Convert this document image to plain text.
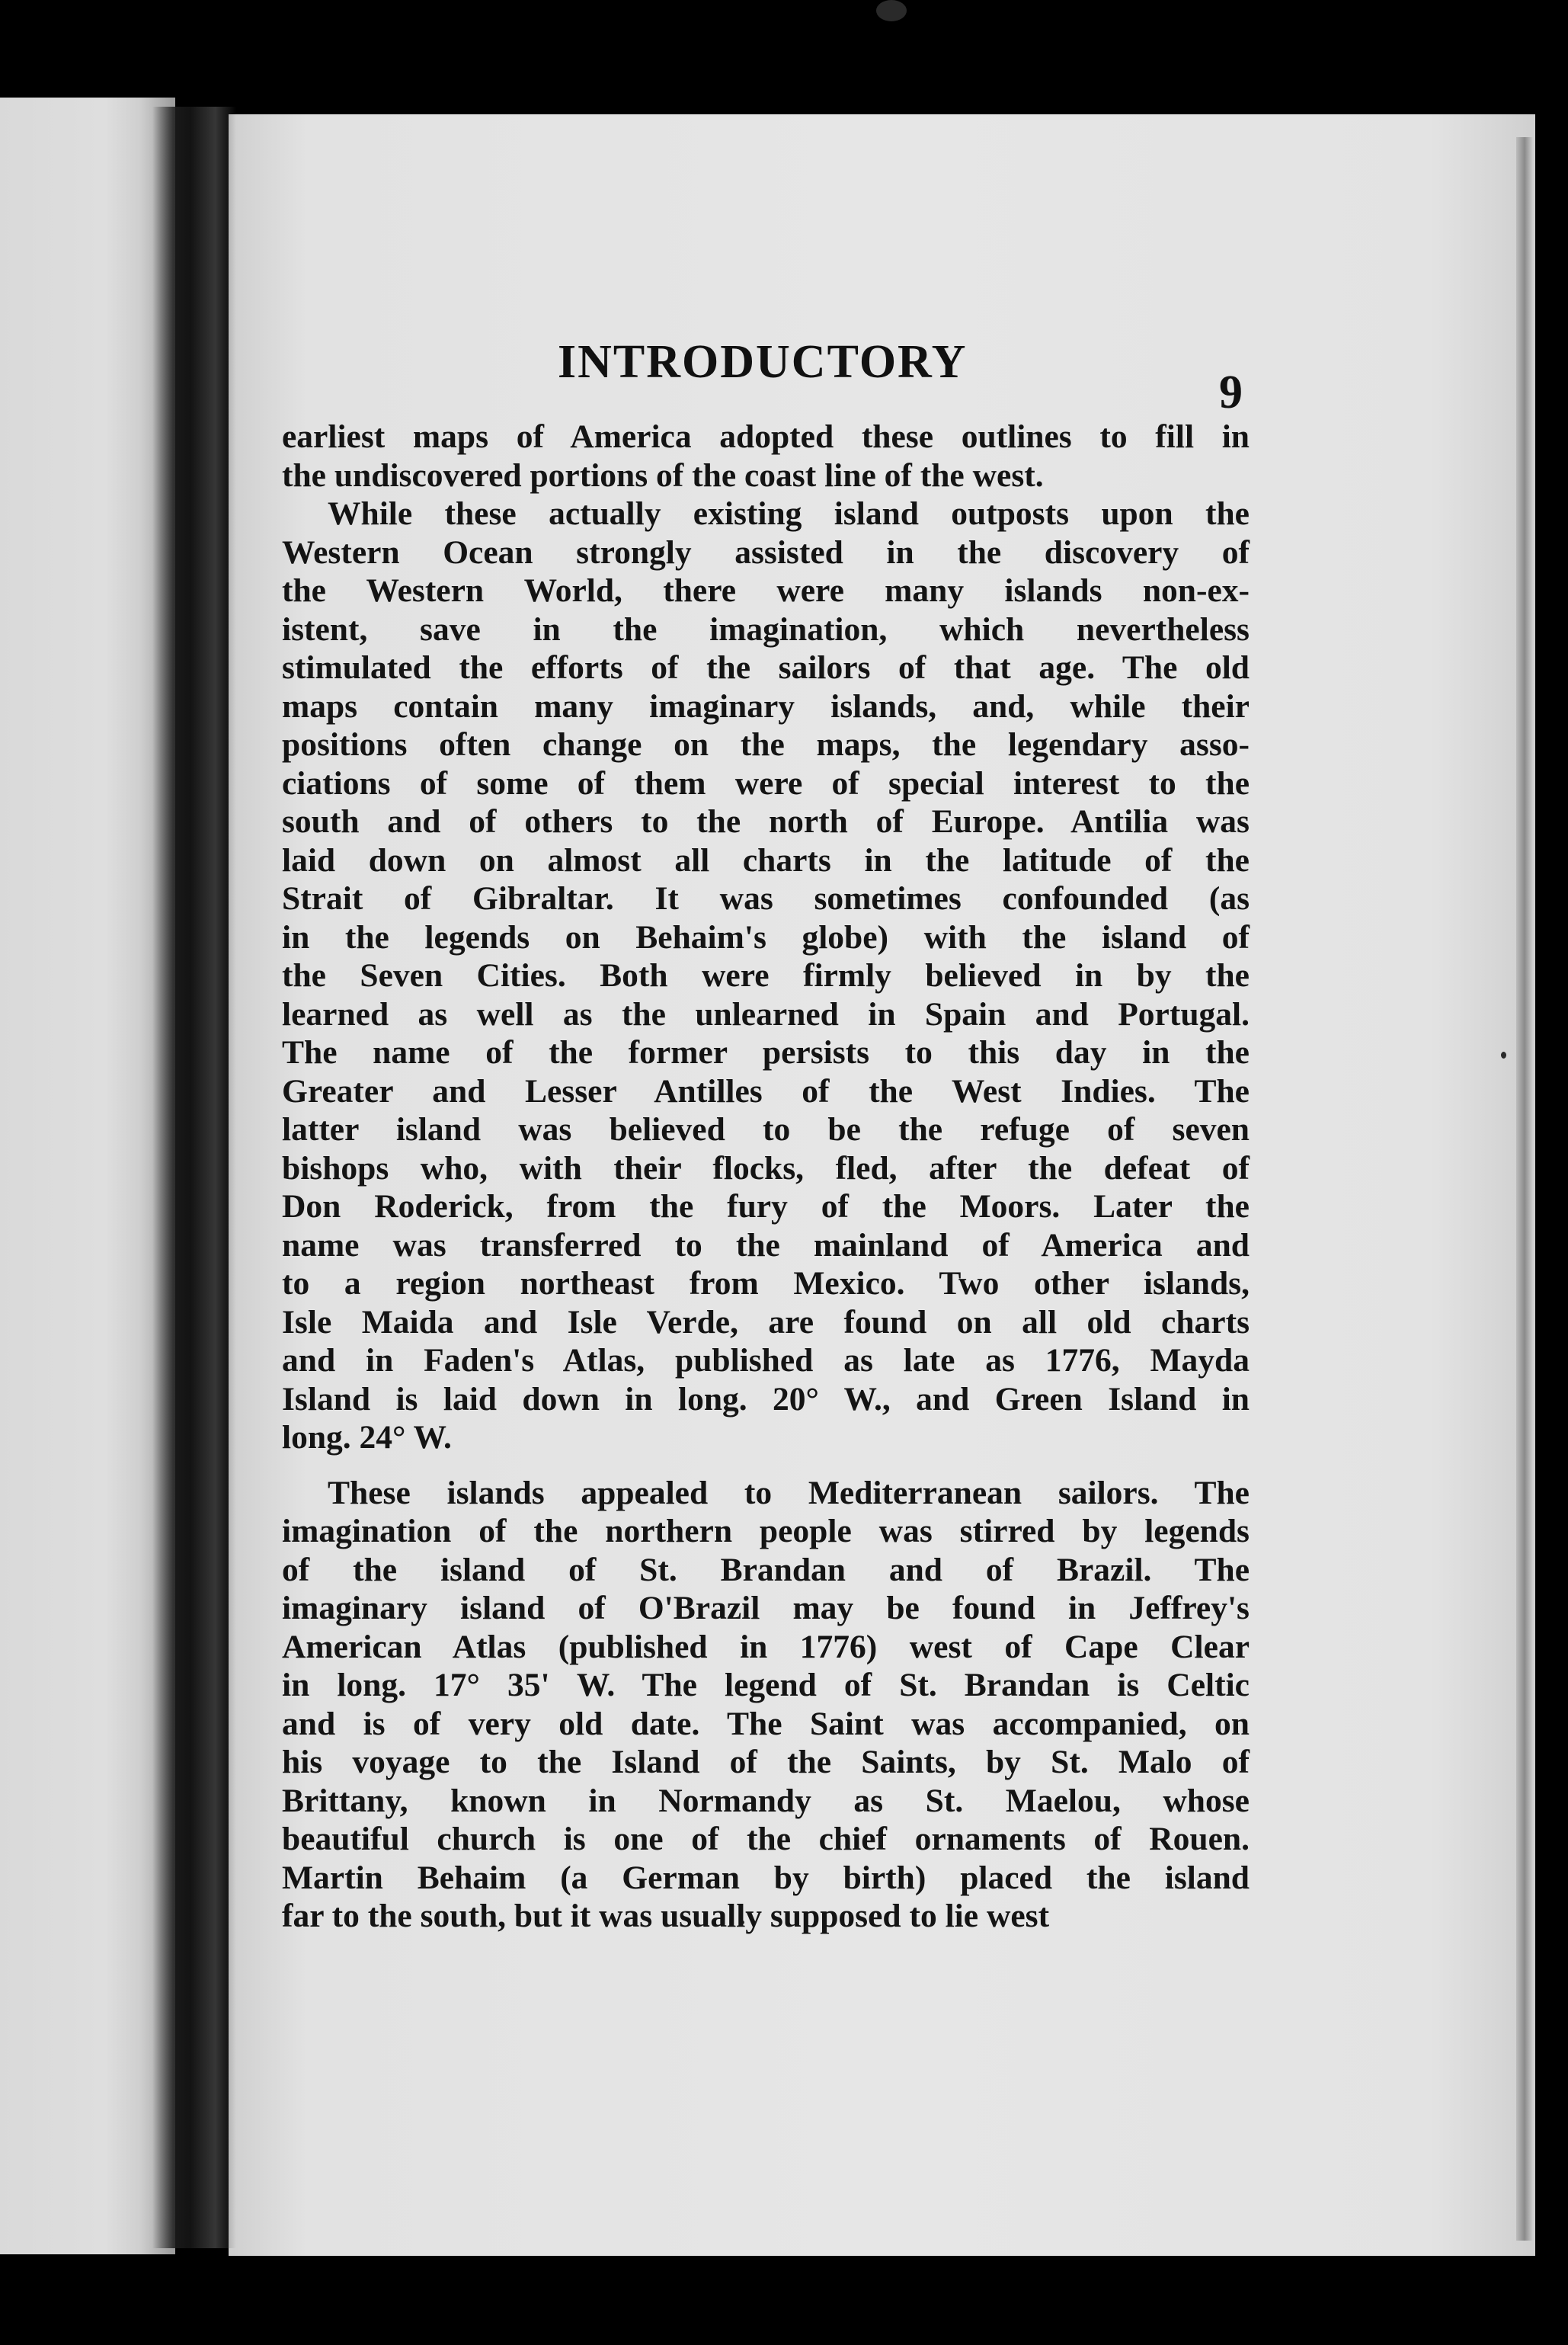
INTRODUCTORY
9
earliest maps of America adopted these outlines to fill in
the undiscovered portions of the coast line of the west.
While these actually existing island outposts upon the
Western Ocean strongly assisted in the discovery of
the Western World, there were many islands non-ex-
istent, save in the imagination, which nevertheless
stimulated the efforts of the sailors of that age. The old
maps contain many imaginary islands, and, while their
positions often change on the maps, the legendary asso-
ciations of some of them were of special interest to the
south and of others to the north of Europe. Antilia was
laid down on almost all charts in the latitude of the
Strait of Gibraltar. It was sometimes confounded (as
in the legends on Behaim's globe) with the island of
the Seven Cities. Both were firmly believed in by the
learned as well as the unlearned in Spain and Portugal.
The name of the former persists to this day in the
Greater and Lesser Antilles of the West Indies. The
latter island was believed to be the refuge of seven
bishops who, with their flocks, fled, after the defeat of
Don Roderick, from the fury of the Moors. Later the
name was transferred to the mainland of America and
to a region northeast from Mexico. Two other islands,
Isle Maida and Isle Verde, are found on all old charts
and in Faden's Atlas, published as late as 1776, Mayda
Island is laid down in long. 20° W., and Green Island in
long. 24° W.
These islands appealed to Mediterranean sailors. The
imagination of the northern people was stirred by legends
of the island of St. Brandan and of Brazil. The
imaginary island of O'Brazil may be found in Jeffrey's
American Atlas (published in 1776) west of Cape Clear
in long. 17° 35' W. The legend of St. Brandan is Celtic
and is of very old date. The Saint was accompanied, on
his voyage to the Island of the Saints, by St. Malo of
Brittany, known in Normandy as St. Maelou, whose
beautiful church is one of the chief ornaments of Rouen.
Martin Behaim (a German by birth) placed the island
far to the south, but it was usually supposed to lie west
